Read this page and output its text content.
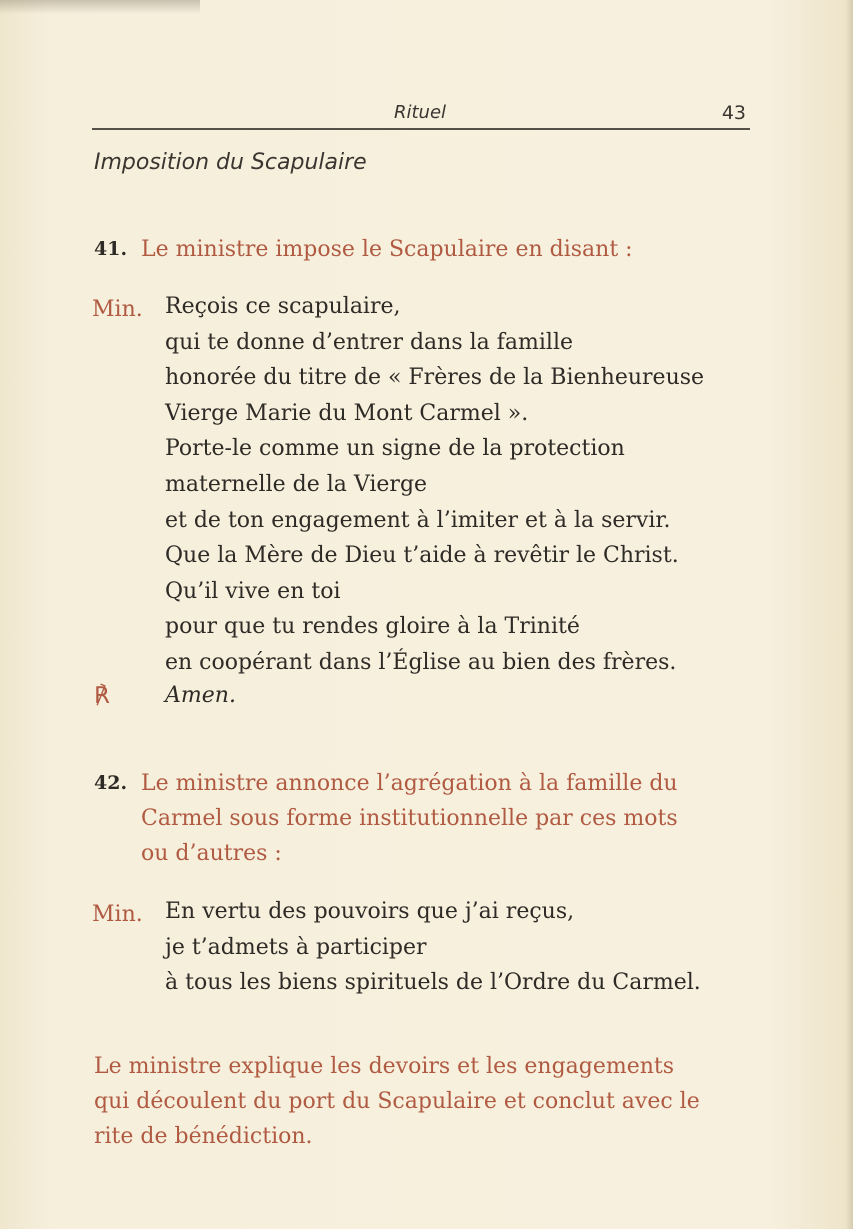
Rituel	43
Imposition du Scapulaire
41. Le ministre impose le Scapulaire en disant :
Min. Reçois ce scapulaire,
qui te donne d’entrer dans la famille
honorée du titre de « Frères de la Bienheureuse
Vierge Marie du Mont Carmel ».
Porte-le comme un signe de la protection
maternelle de la Vierge
et de ton engagement à l’imiter et à la servir.
Que la Mère de Dieu t’aide à revêtir le Christ.
Qu’il vive en toi
pour que tu rendes gloire à la Trinité
en coopérant dans l’Église au bien des frères.
℟	Amen.
42. Le ministre annonce l’agrégation à la famille du
Carmel sous forme institutionnelle par ces mots
ou d’autres :
Min. En vertu des pouvoirs que j’ai reçus,
je t’admets à participer
à tous les biens spirituels de l’Ordre du Carmel.
Le ministre explique les devoirs et les engagements
qui découlent du port du Scapulaire et conclut avec le
rite de bénédiction.
